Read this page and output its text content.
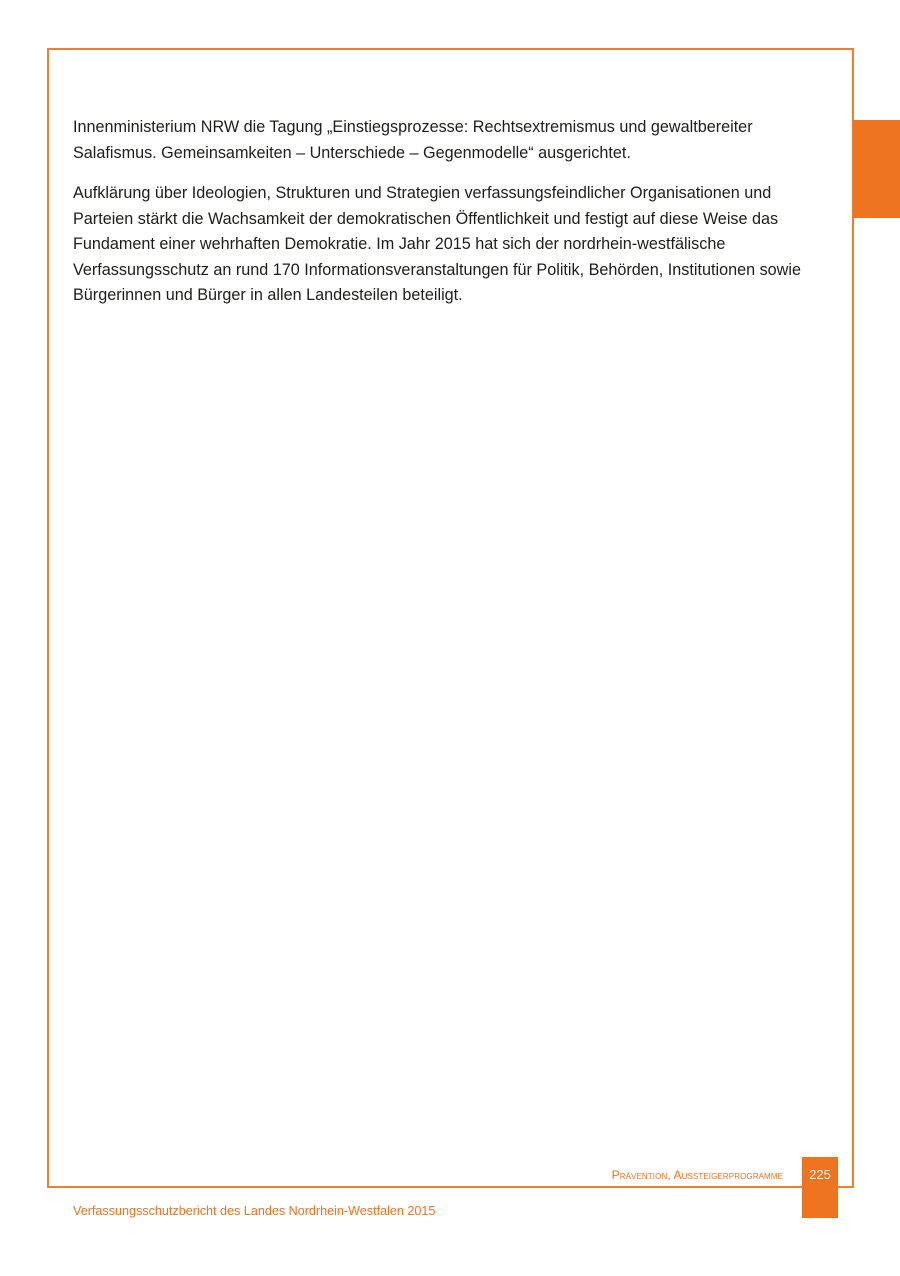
Innenministerium NRW die Tagung „Einstiegsprozesse: Rechtsextremismus und gewaltbereiter Salafismus. Gemeinsamkeiten – Unterschiede – Gegenmodelle“ ausgerichtet.

Aufklärung über Ideologien, Strukturen und Strategien verfassungsfeindlicher Organisationen und Parteien stärkt die Wachsamkeit der demokratischen Öffentlichkeit und festigt auf diese Weise das Fundament einer wehrhaften Demokratie. Im Jahr 2015 hat sich der nordrhein-westfälische Verfassungsschutz an rund 170 Informationsveranstaltungen für Politik, Behörden, Institutionen sowie Bürgerinnen und Bürger in allen Landesteilen beteiligt.

Prävention, Aussteigerprogramme	225
Verfassungsschutzbericht des Landes Nordrhein-Westfalen 2015
